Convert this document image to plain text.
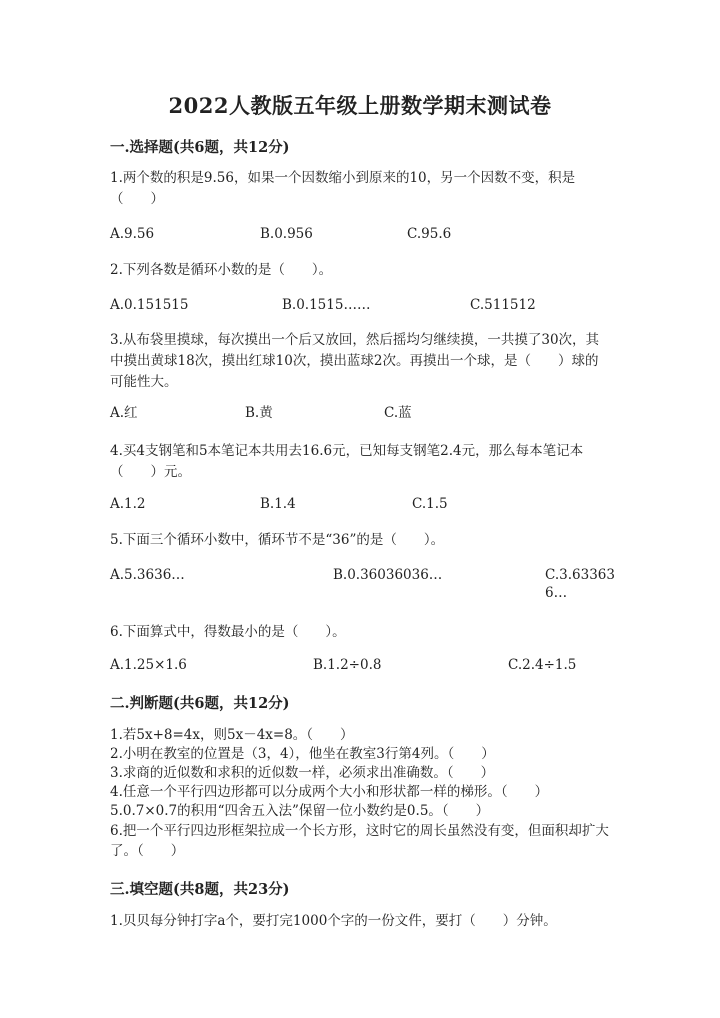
2022人教版五年级上册数学期末测试卷
一.选择题(共6题，共12分)
1.两个数的积是9.56，如果一个因数缩小到原来的10，另一个因数不变，积是（　　）
A.9.56	B.0.956	C.95.6
2.下列各数是循环小数的是（　　）。
A.0.151515	B.0.1515……	C.511512
3.从布袋里摸球，每次摸出一个后又放回，然后摇均匀继续摸，一共摸了30次，其中摸出黄球18次，摸出红球10次，摸出蓝球2次。再摸出一个球，是（　　）球的可能性大。
A.红	B.黄	C.蓝
4.买4支钢笔和5本笔记本共用去16.6元，已知每支钢笔2.4元，那么每本笔记本（　　）元。
A.1.2	B.1.4	C.1.5
5.下面三个循环小数中，循环节不是“36”的是（　　）。
A.5.3636…	B.0.36036036…	C.3.633636…
6.下面算式中，得数最小的是（　　）。
A.1.25×1.6	B.1.2÷0.8	C.2.4÷1.5
二.判断题(共6题，共12分)
1.若5x+8=4x，则5x－4x=8。（　　）
2.小明在教室的位置是（3，4），他坐在教室3行第4列。（　　）
3.求商的近似数和求积的近似数一样，必须求出准确数。（　　）
4.任意一个平行四边形都可以分成两个大小和形状都一样的梯形。（　　）
5.0.7×0.7的积用“四舍五入法”保留一位小数约是0.5。（　　）
6.把一个平行四边形框架拉成一个长方形，这时它的周长虽然没有变，但面积却扩大了。（　　）
三.填空题(共8题，共23分)
1.贝贝每分钟打字a个，要打完1000个字的一份文件，要打（　　）分钟。
